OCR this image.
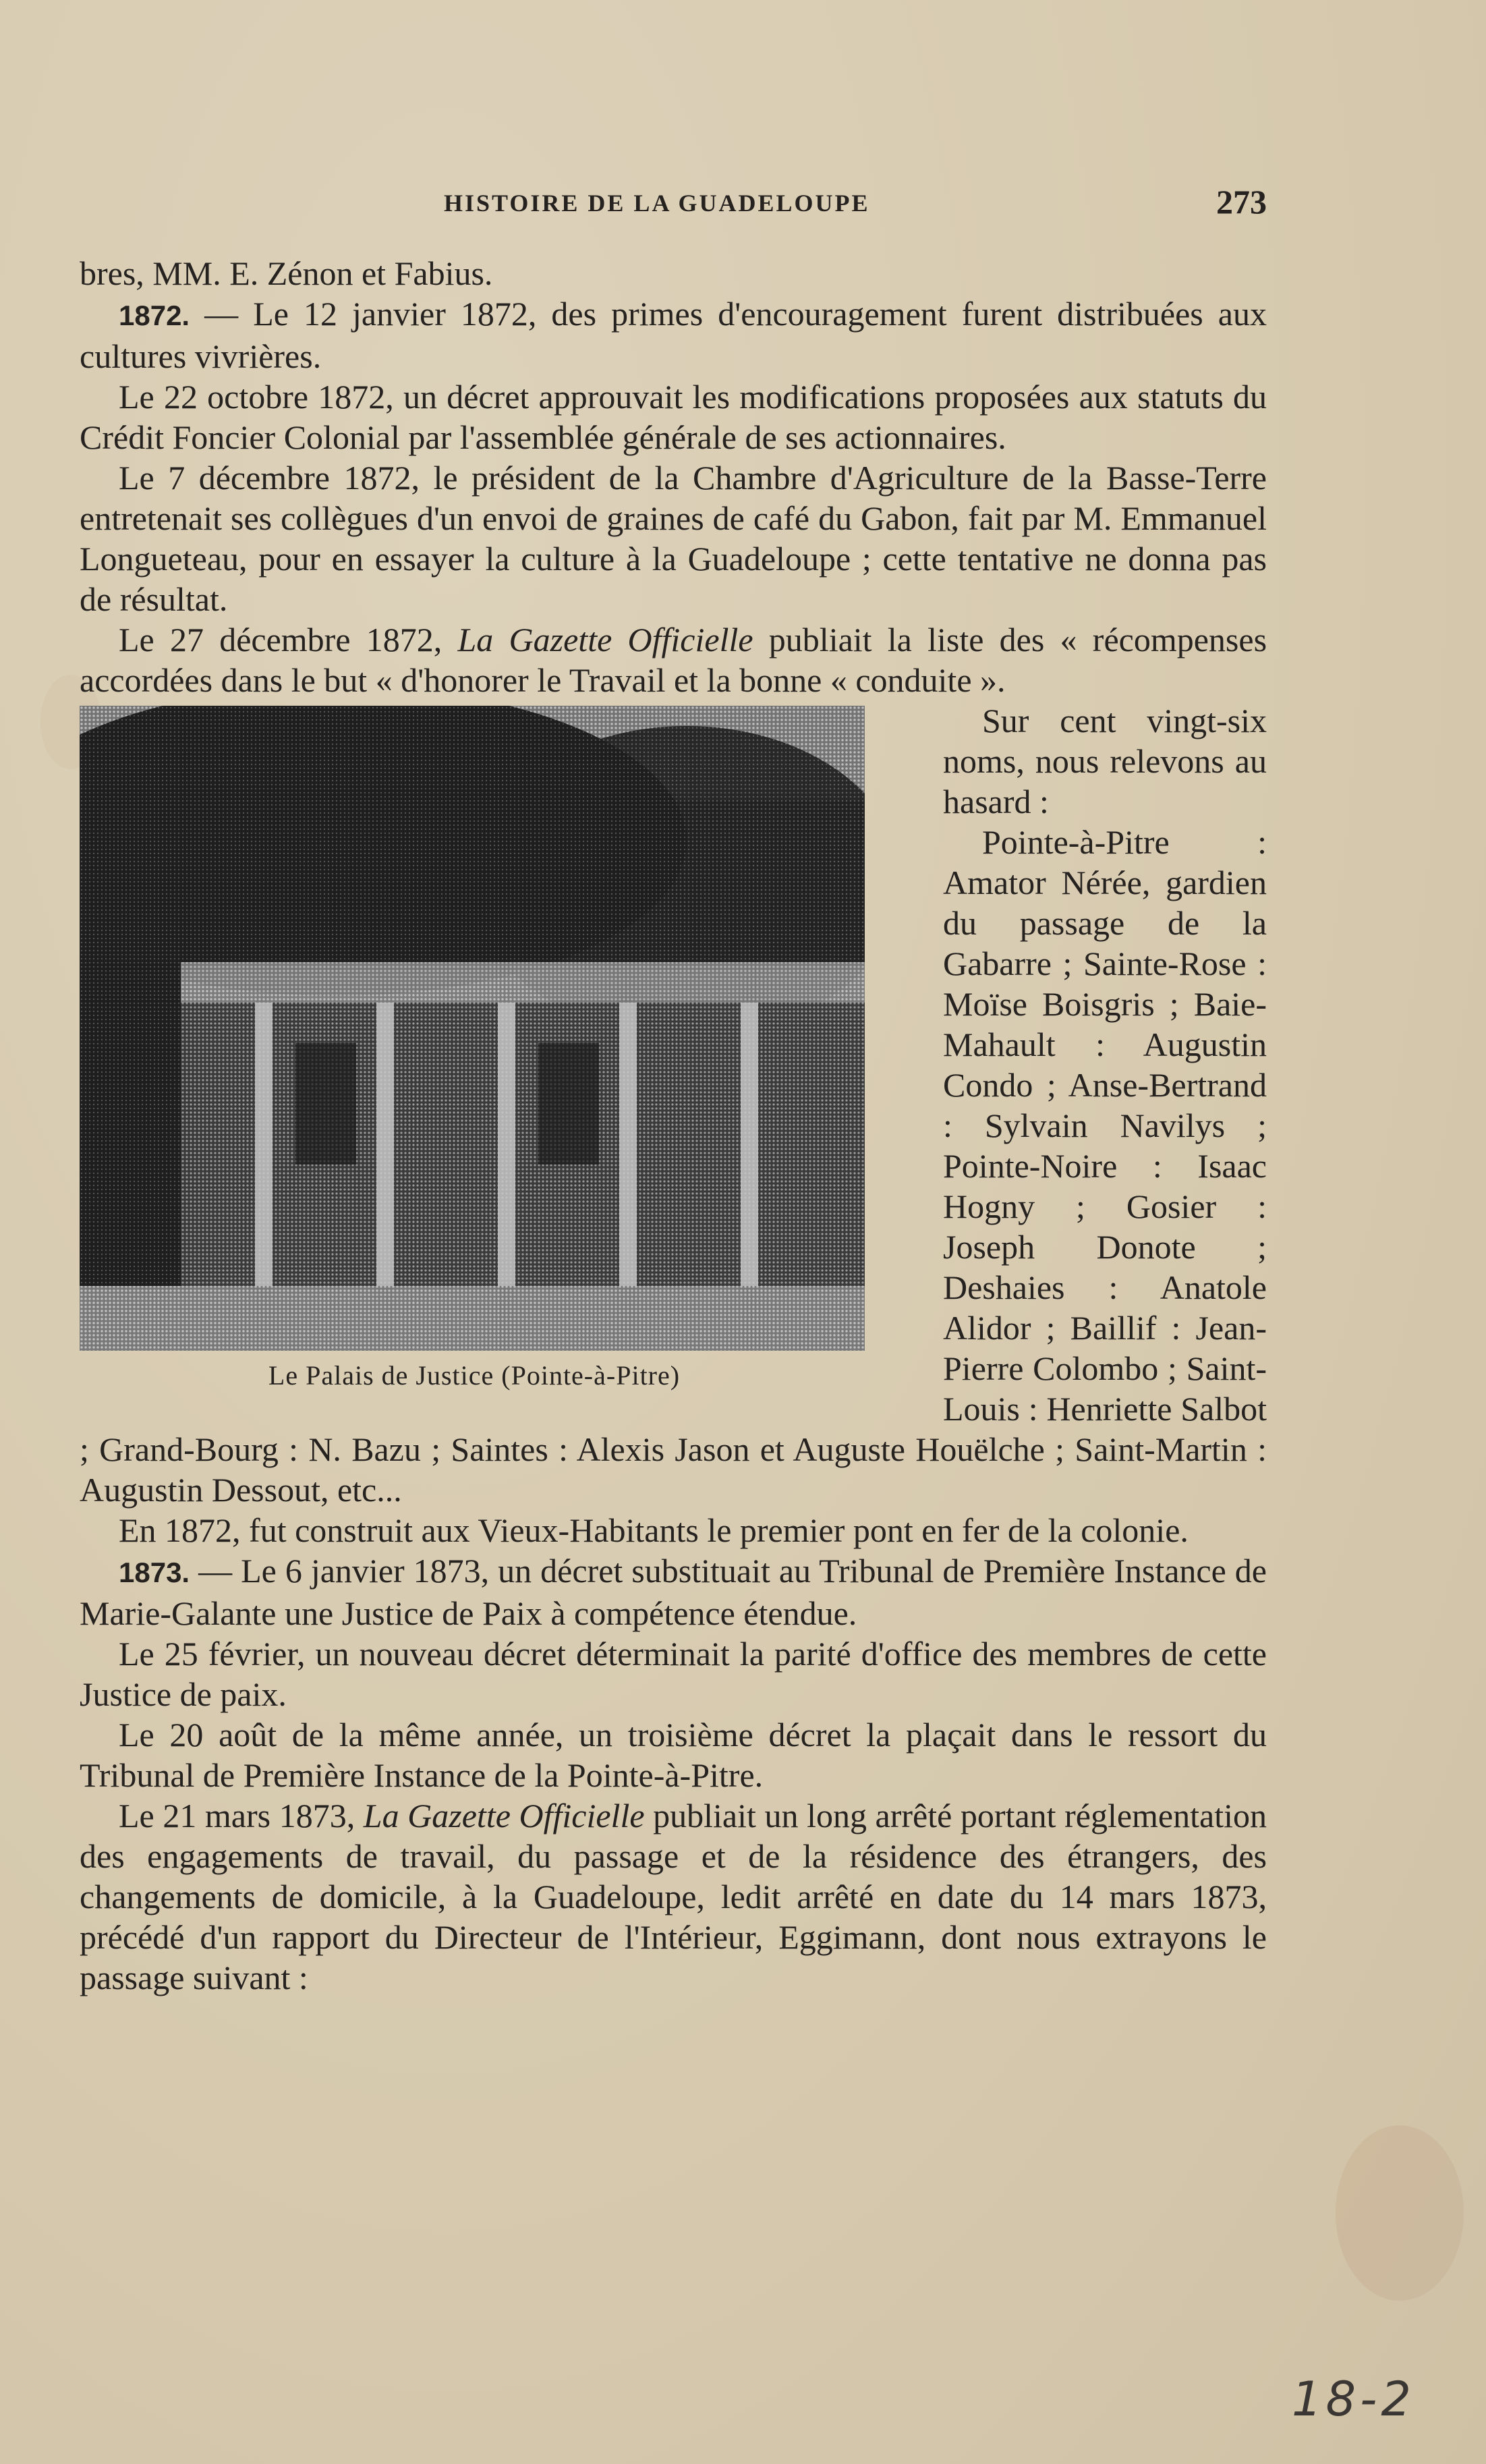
HISTOIRE DE LA GUADELOUPE	273

bres, MM. E. Zénon et Fabius.

1872. — Le 12 janvier 1872, des primes d'encouragement furent distribuées aux cultures vivrières.

Le 22 octobre 1872, un décret approuvait les modifications proposées aux statuts du Crédit Foncier Colonial par l'assemblée générale de ses actionnaires.

Le 7 décembre 1872, le président de la Chambre d'Agriculture de la Basse-Terre entretenait ses collègues d'un envoi de graines de café du Gabon, fait par M. Emmanuel Longueteau, pour en essayer la culture à la Guadeloupe ; cette tentative ne donna pas de résultat.

Le 27 décembre 1872, La Gazette Officielle publiait la liste des « récompenses accordées dans le but « d'honorer le Travail et la bonne « conduite ».

Le Palais de Justice (Pointe-à-Pitre)

Sur cent vingt-six noms, nous relevons au hasard :

Pointe-à-Pitre : Amator Nérée, gardien du passage de la Gabarre ; Sainte-Rose : Moïse Boisgris ; Baie-Mahault : Augustin Condo ; Anse-Bertrand : Sylvain Navilys ; Pointe-Noire : Isaac Hogny ; Gosier : Joseph Donote ; Deshaies : Anatole Alidor ; Baillif : Jean-Pierre Colombo ; Saint-Louis : Henriette Salbot ; Grand-Bourg : N. Bazu ; Saintes : Alexis Jason et Auguste Houëlche ; Saint-Martin : Augustin Dessout, etc...

En 1872, fut construit aux Vieux-Habitants le premier pont en fer de la colonie.

1873. — Le 6 janvier 1873, un décret substituait au Tribunal de Première Instance de Marie-Galante une Justice de Paix à compétence étendue.

Le 25 février, un nouveau décret déterminait la parité d'office des membres de cette Justice de paix.

Le 20 août de la même année, un troisième décret la plaçait dans le ressort du Tribunal de Première Instance de la Pointe-à-Pitre.

Le 21 mars 1873, La Gazette Officielle publiait un long arrêté portant réglementation des engagements de travail, du passage et de la résidence des étrangers, des changements de domicile, à la Guadeloupe, ledit arrêté en date du 14 mars 1873, précédé d'un rapport du Directeur de l'Intérieur, Eggimann, dont nous extrayons le passage suivant :

18-2
